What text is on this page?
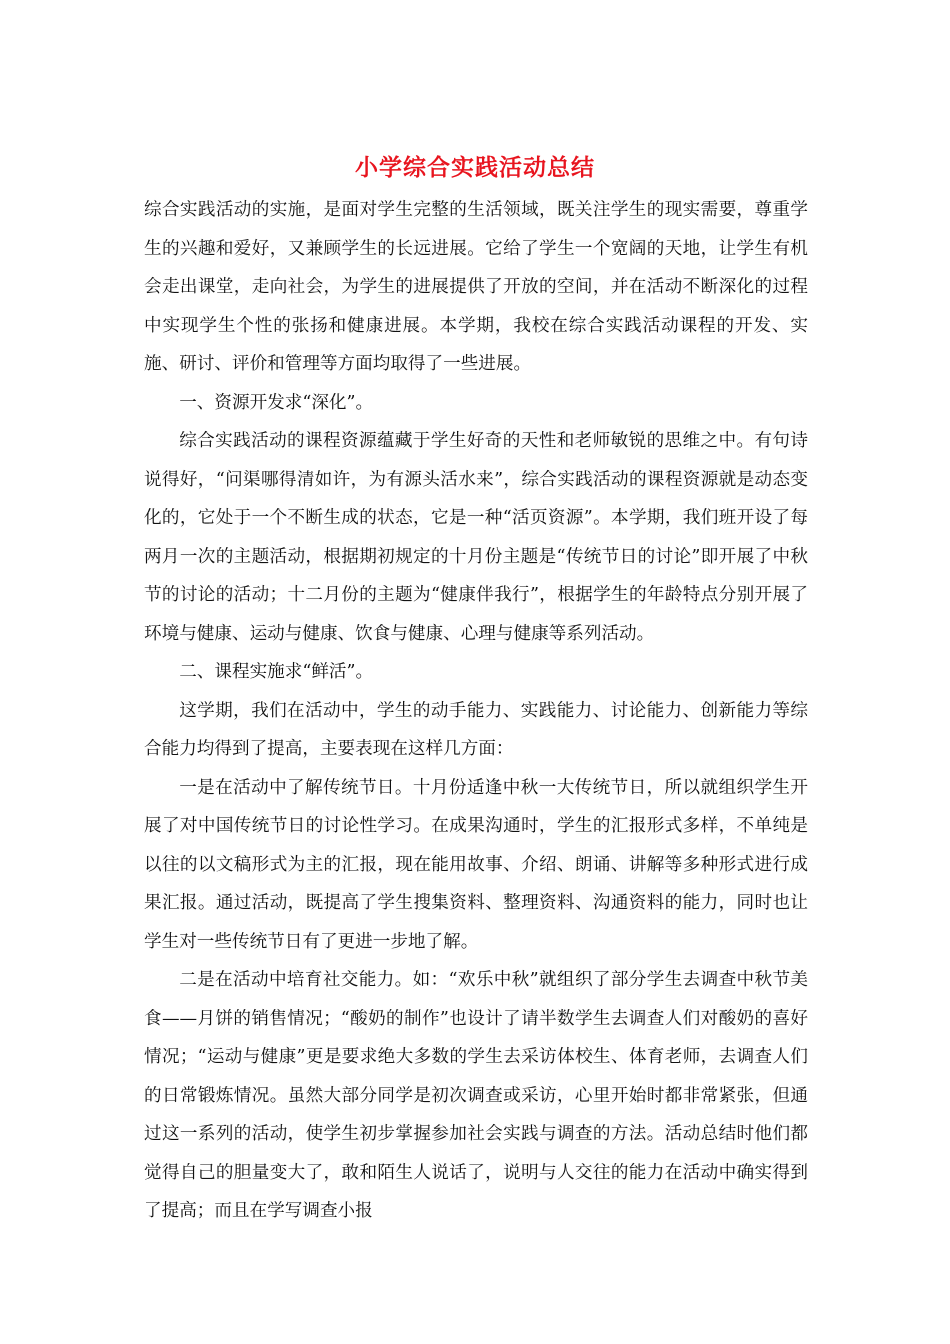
小学综合实践活动总结

综合实践活动的实施，是面对学生完整的生活领域，既关注学生的现实需要，尊重学生的兴趣和爱好，又兼顾学生的长远进展。它给了学生一个宽阔的天地，让学生有机会走出课堂，走向社会，为学生的进展提供了开放的空间，并在活动不断深化的过程中实现学生个性的张扬和健康进展。本学期，我校在综合实践活动课程的开发、实施、研讨、评价和管理等方面均取得了一些进展。

一、资源开发求“深化”。

综合实践活动的课程资源蕴藏于学生好奇的天性和老师敏锐的思维之中。有句诗说得好，“问渠哪得清如许，为有源头活水来”，综合实践活动的课程资源就是动态变化的，它处于一个不断生成的状态，它是一种“活页资源”。本学期，我们班开设了每两月一次的主题活动，根据期初规定的十月份主题是“传统节日的讨论”即开展了中秋节的讨论的活动；十二月份的主题为“健康伴我行”，根据学生的年龄特点分别开展了环境与健康、运动与健康、饮食与健康、心理与健康等系列活动。

二、课程实施求“鲜活”。

这学期，我们在活动中，学生的动手能力、实践能力、讨论能力、创新能力等综合能力均得到了提高，主要表现在这样几方面：

一是在活动中了解传统节日。十月份适逢中秋一大传统节日，所以就组织学生开展了对中国传统节日的讨论性学习。在成果沟通时，学生的汇报形式多样，不单纯是以往的以文稿形式为主的汇报，现在能用故事、介绍、朗诵、讲解等多种形式进行成果汇报。通过活动，既提高了学生搜集资料、整理资料、沟通资料的能力，同时也让学生对一些传统节日有了更进一步地了解。

二是在活动中培育社交能力。如：“欢乐中秋”就组织了部分学生去调查中秋节美食——月饼的销售情况；“酸奶的制作”也设计了请半数学生去调查人们对酸奶的喜好情况；“运动与健康”更是要求绝大多数的学生去采访体校生、体育老师，去调查人们的日常锻炼情况。虽然大部分同学是初次调查或采访，心里开始时都非常紧张，但通过这一系列的活动，使学生初步掌握参加社会实践与调查的方法。活动总结时他们都觉得自己的胆量变大了，敢和陌生人说话了，说明与人交往的能力在活动中确实得到了提高；而且在学写调查小报
